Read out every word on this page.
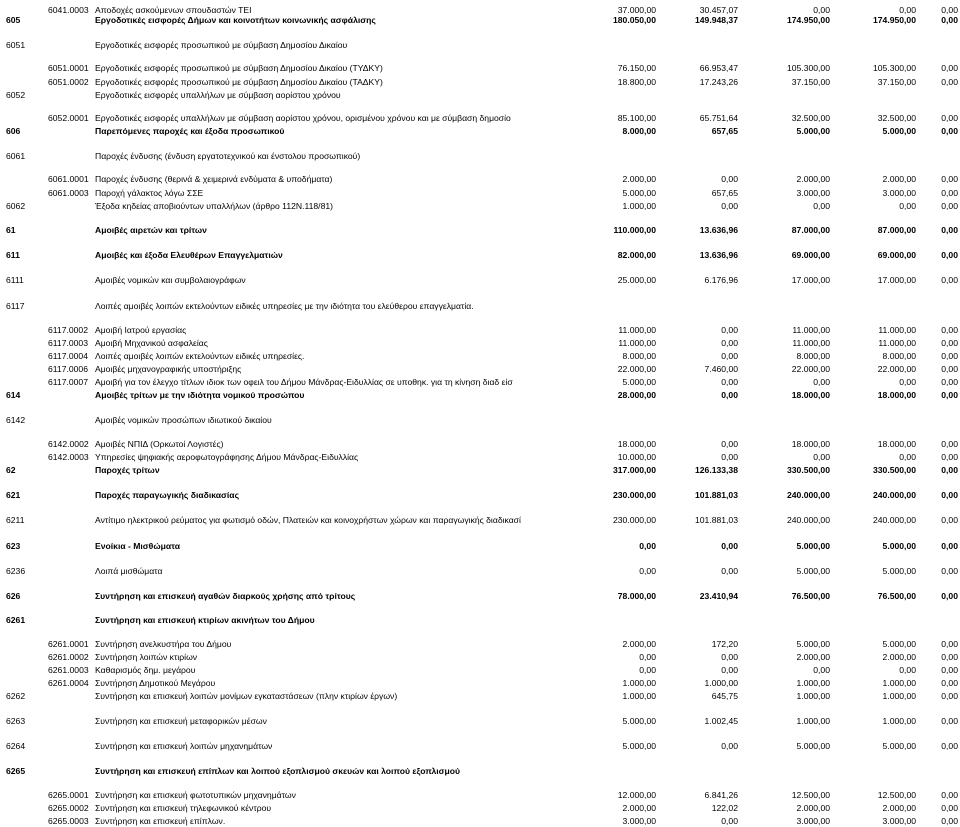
6041.0003 Αποδοχές ασκούμενων σπουδαστών ΤΕΙ	37.000,00	30.457,07	0,00	0,00	0,00
605	Εργοδοτικές εισφορές Δήμων και κοινοτήτων κοινωνικής ασφάλισης	180.050,00	149.948,37	174.950,00	174.950,00	0,00
6051	Εργοδοτικές εισφορές προσωπικού με σύμβαση Δημοσίου Δικαίου
6051.0001 Εργοδοτικές εισφορές προσωπικού με σύμβαση Δημοσίου Δικαίου (ΤΥΔΚΥ)	76.150,00	66.953,47	105.300,00	105.300,00	0,00
6051.0002 Εργοδοτικές εισφορές προσωπικού με σύμβαση Δημοσίου Δικαίου (ΤΑΔΚΥ)	18.800,00	17.243,26	37.150,00	37.150,00	0,00
6052	Εργοδοτικές εισφορές υπαλλήλων με σύμβαση αορίστου χρόνου
6052.0001 Εργοδοτικές εισφορές υπαλλήλων με σύμβαση αορίστου χρόνου, ορισμένου χρόνου και με σύμβαση δημοσίο	85.100,00	65.751,64	32.500,00	32.500,00	0,00
606	Παρεπόμενες παροχές και έξοδα προσωπικού	8.000,00	657,65	5.000,00	5.000,00	0,00
6061	Παροχές ένδυσης (ένδυση εργατοτεχνικού και ένστολου προσωπικού)
6061.0001 Παροχές ένδυσης (θερινά & χειμερινά ενδύματα & υποδήματα)	2.000,00	0,00	2.000,00	2.000,00	0,00
6061.0003 Παροχή γάλακτος λόγω ΣΣΕ	5.000,00	657,65	3.000,00	3.000,00	0,00
6062	Έξοδα κηδείας αποβιούντων υπαλλήλων (άρθρο 112Ν.118/81)	1.000,00	0,00	0,00	0,00	0,00
61	Αμοιβές αιρετών και τρίτων	110.000,00	13.636,96	87.000,00	87.000,00	0,00
611	Αμοιβές και έξοδα Ελευθέρων Επαγγελματιών	82.000,00	13.636,96	69.000,00	69.000,00	0,00
6111	Αμοιβές νομικών και συμβολαιογράφων	25.000,00	6.176,96	17.000,00	17.000,00	0,00
6117	Λοιπές αμοιβές λοιπών εκτελούντων ειδικές υπηρεσίες με την ιδιότητα του ελεύθερου επαγγελματία.
6117.0002 Αμοιβή Ιατρού εργασίας	11.000,00	0,00	11.000,00	11.000,00	0,00
6117.0003 Αμοιβή Μηχανικού ασφαλείας	11.000,00	0,00	11.000,00	11.000,00	0,00
6117.0004 Λοιπές αμοιβές λοιπών εκτελούντων ειδικές υπηρεσίες.	8.000,00	0,00	8.000,00	8.000,00	0,00
6117.0006 Αμοιβές μηχανογραφικής υποστήριξης	22.000,00	7.460,00	22.000,00	22.000,00	0,00
6117.0007 Αμοιβή για τον έλεγχο τίτλων ιδιοκ των οφειλ του Δήμου Μάνδρας-Ειδυλλίας σε υποθηκ. για τη κίνηση διαδ είσ	5.000,00	0,00	0,00	0,00	0,00
614	Αμοιβές τρίτων με την ιδιότητα νομικού προσώπου	28.000,00	0,00	18.000,00	18.000,00	0,00
6142	Αμοιβές νομικών προσώπων ιδιωτικού δικαίου
6142.0002 Αμοιβές ΝΠΙΔ (Ορκωτοί Λογιστές)	18.000,00	0,00	18.000,00	18.000,00	0,00
6142.0003 Υπηρεσίες ψηφιακής αεροφωτογράφησης Δήμου Μάνδρας-Ειδυλλίας	10.000,00	0,00	0,00	0,00	0,00
62	Παροχές τρίτων	317.000,00	126.133,38	330.500,00	330.500,00	0,00
621	Παροχές παραγωγικής διαδικασίας	230.000,00	101.881,03	240.000,00	240.000,00	0,00
6211	Αντίτιμο ηλεκτρικού ρεύματος για φωτισμό οδών, Πλατειών και κοινοχρήστων χώρων και παραγωγικής διαδικασί	230.000,00	101.881,03	240.000,00	240.000,00	0,00
623	Ενοίκια - Μισθώματα	0,00	0,00	5.000,00	5.000,00	0,00
6236	Λοιπά μισθώματα	0,00	0,00	5.000,00	5.000,00	0,00
626	Συντήρηση και επισκευή αγαθών διαρκούς χρήσης από τρίτους	78.000,00	23.410,94	76.500,00	76.500,00	0,00
6261	Συντήρηση και επισκευή κτιρίων ακινήτων του Δήμου
6261.0001 Συντήρηση ανελκυστήρα του Δήμου	2.000,00	172,20	5.000,00	5.000,00	0,00
6261.0002 Συντήρηση λοιπών κτιρίων	0,00	0,00	2.000,00	2.000,00	0,00
6261.0003 Καθαρισμός δημ. μεγάρου	0,00	0,00	0,00	0,00	0,00
6261.0004 Συντήρηση Δημοτικού Μεγάρου	1.000,00	1.000,00	1.000,00	1.000,00	0,00
6262	Συντήρηση και επισκευή λοιπών μονίμων εγκαταστάσεων (πλην κτιρίων έργων)	1.000,00	645,75	1.000,00	1.000,00	0,00
6263	Συντήρηση και επισκευή μεταφορικών μέσων	5.000,00	1.002,45	1.000,00	1.000,00	0,00
6264	Συντήρηση και επισκευή λοιπών μηχανημάτων	5.000,00	0,00	5.000,00	5.000,00	0,00
6265	Συντήρηση και επισκευή επίπλων και λοιπού εξοπλισμού σκευών και λοιπού εξοπλισμού
6265.0001 Συντήρηση και επισκευή φωτοτυπικών μηχανημάτων	12.000,00	6.841,26	12.500,00	12.500,00	0,00
6265.0002 Συντήρηση και επισκευή τηλεφωνικού κέντρου	2.000,00	122,02	2.000,00	2.000,00	0,00
6265.0003 Συντήρηση και επισκευή επίπλων.	3.000,00	0,00	3.000,00	3.000,00	0,00
